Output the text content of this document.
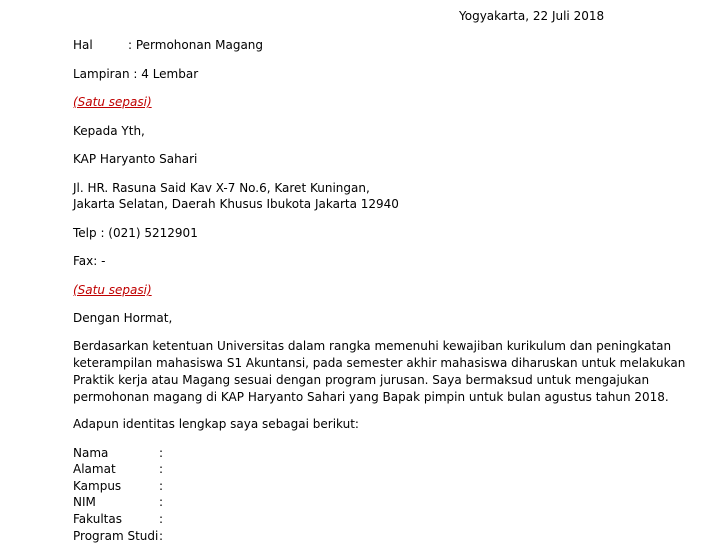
Yogyakarta, 22 Juli 2018
Hal	: Permohonan Magang
Lampiran : 4 Lembar
(Satu sepasi)
Kepada Yth,
KAP Haryanto Sahari
Jl. HR. Rasuna Said Kav X-7 No.6, Karet Kuningan,
Jakarta Selatan, Daerah Khusus Ibukota Jakarta 12940
Telp : (021) 5212901
Fax: -
(Satu sepasi)
Dengan Hormat,
Berdasarkan ketentuan Universitas dalam rangka memenuhi kewajiban kurikulum dan peningkatan
keterampilan mahasiswa S1 Akuntansi, pada semester akhir mahasiswa diharuskan untuk melakukan
Praktik kerja atau Magang sesuai dengan program jurusan. Saya bermaksud untuk mengajukan
permohonan magang di KAP Haryanto Sahari yang Bapak pimpin untuk bulan agustus tahun 2018.
Adapun identitas lengkap saya sebagai berikut:
Nama	:
Alamat	:
Kampus	:
NIM	:
Fakultas	:
Program Studi:
